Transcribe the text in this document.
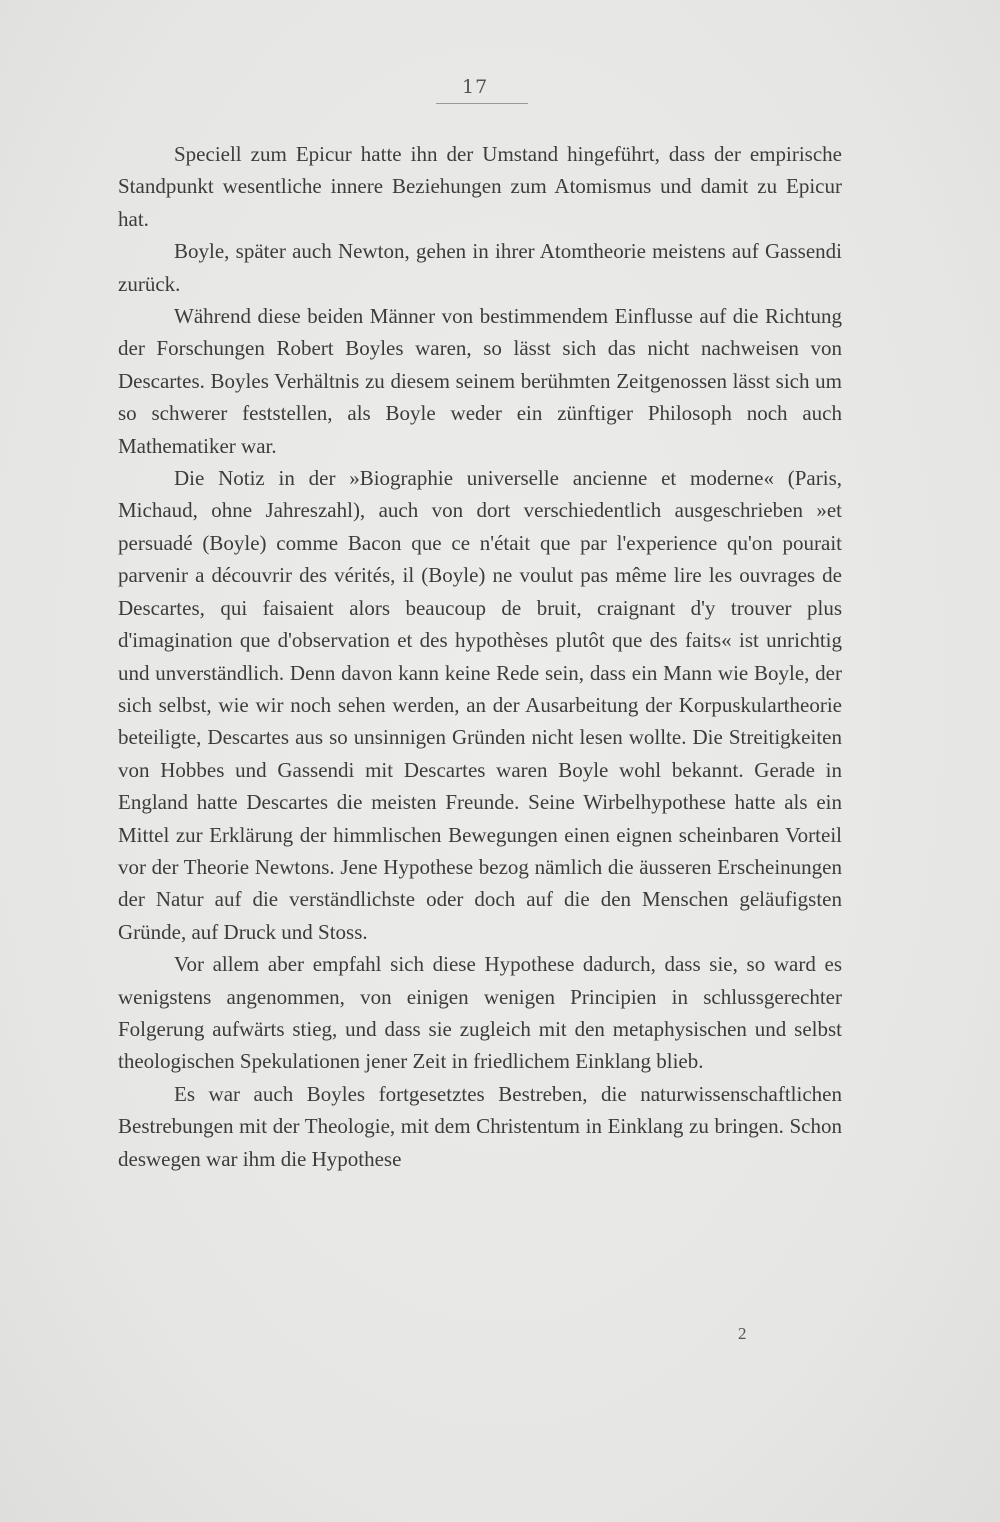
17

Speciell zum Epicur hatte ihn der Umstand hingeführt, dass der empirische Standpunkt wesentliche innere Beziehungen zum Atomismus und damit zu Epicur hat.

Boyle, später auch Newton, gehen in ihrer Atomtheorie meistens auf Gassendi zurück.

Während diese beiden Männer von bestimmendem Einflusse auf die Richtung der Forschungen Robert Boyles waren, so lässt sich das nicht nachweisen von Descartes. Boyles Verhältnis zu diesem seinem berühmten Zeitgenossen lässt sich um so schwerer feststellen, als Boyle weder ein zünftiger Philosoph noch auch Mathematiker war.

Die Notiz in der »Biographie universelle ancienne et moderne« (Paris, Michaud, ohne Jahreszahl), auch von dort verschiedentlich ausgeschrieben »et persuadé (Boyle) comme Bacon que ce n'était que par l'experience qu'on pourait parvenir a découvrir des vérités, il (Boyle) ne voulut pas même lire les ouvrages de Descartes, qui faisaient alors beaucoup de bruit, craignant d'y trouver plus d'imagination que d'observation et des hypothèses plutôt que des faits« ist unrichtig und unverständlich. Denn davon kann keine Rede sein, dass ein Mann wie Boyle, der sich selbst, wie wir noch sehen werden, an der Ausarbeitung der Korpuskulartheorie beteiligte, Descartes aus so unsinnigen Gründen nicht lesen wollte. Die Streitigkeiten von Hobbes und Gassendi mit Descartes waren Boyle wohl bekannt. Gerade in England hatte Descartes die meisten Freunde. Seine Wirbelhypothese hatte als ein Mittel zur Erklärung der himmlischen Bewegungen einen eignen scheinbaren Vorteil vor der Theorie Newtons. Jene Hypothese bezog nämlich die äusseren Erscheinungen der Natur auf die verständlichste oder doch auf die den Menschen geläufigsten Gründe, auf Druck und Stoss.

Vor allem aber empfahl sich diese Hypothese dadurch, dass sie, so ward es wenigstens angenommen, von einigen wenigen Principien in schlussgerechter Folgerung aufwärts stieg, und dass sie zugleich mit den metaphysischen und selbst theologischen Spekulationen jener Zeit in friedlichem Einklang blieb.

Es war auch Boyles fortgesetztes Bestreben, die naturwissenschaftlichen Bestrebungen mit der Theologie, mit dem Christentum in Einklang zu bringen. Schon deswegen war ihm die Hypothese

2
